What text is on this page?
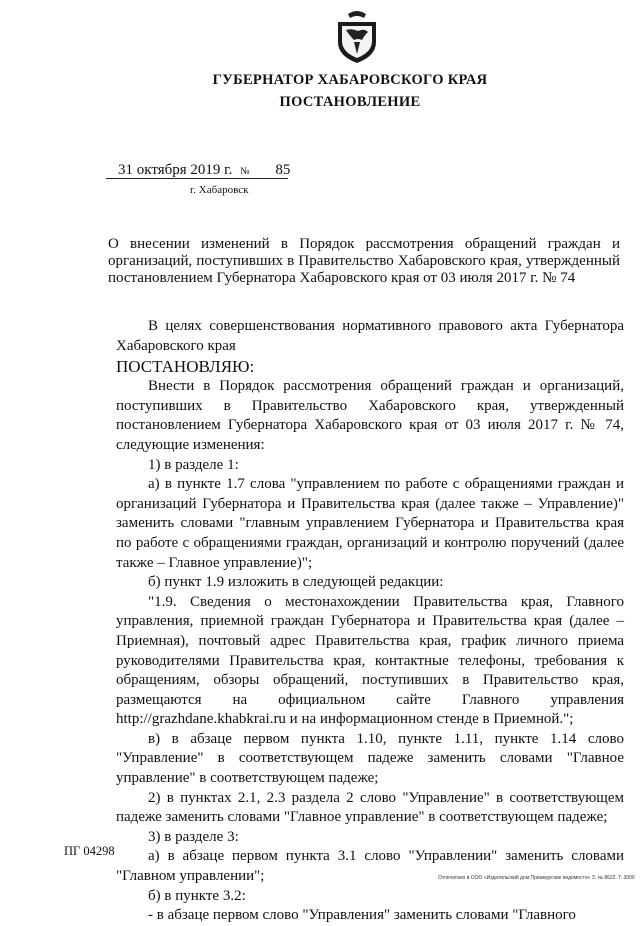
ГУБЕРНАТОР ХАБАРОВСКОГО КРАЯ
ПОСТАНОВЛЕНИЕ
31 октября 2019 г. № 85
г. Хабаровск
О внесении изменений в Порядок рассмотрения обращений граждан и организаций, поступивших в Правительство Хабаровского края, утвержденный постановлением Губернатора Хабаровского края от 03 июля 2017 г. № 74

В целях совершенствования нормативного правового акта Губернатора Хабаровского края

ПОСТАНОВЛЯЮ:

Внести в Порядок рассмотрения обращений граждан и организаций, поступивших в Правительство Хабаровского края, утвержденный постановлением Губернатора Хабаровского края от 03 июля 2017 г. № 74, следующие изменения:

1) в разделе 1:

а) в пункте 1.7 слова "управлением по работе с обращениями граждан и организаций Губернатора и Правительства края (далее также – Управление)" заменить словами "главным управлением Губернатора и Правительства края по работе с обращениями граждан, организаций и контролю поручений (далее также – Главное управление)";

б) пункт 1.9 изложить в следующей редакции:

"1.9. Сведения о местонахождении Правительства края, Главного управления, приемной граждан Губернатора и Правительства края (далее – Приемная), почтовый адрес Правительства края, график личного приема руководителями Правительства края, контактные телефоны, требования к обращениям, обзоры обращений, поступивших в Правительство края, размещаются на официальном сайте Главного управления http://grazhdane.khabkrai.ru и на информационном стенде в Приемной.";

в) в абзаце первом пункта 1.10, пункте 1.11, пункте 1.14 слово "Управление" в соответствующем падеже заменить словами "Главное управление" в соответствующем падеже;

2) в пунктах 2.1, 2.3 раздела 2 слово "Управление" в соответствующем падеже заменить словами "Главное управление" в соответствующем падеже;

3) в разделе 3:

а) в абзаце первом пункта 3.1 слово "Управлении" заменить словами "Главном управлении";

б) в пункте 3.2:

- в абзаце первом слово "Управления" заменить словами "Главного

ПГ 04298
Отпечатано в ООО «Издательский дом Приамурские ведомости» З. № 8622. Т. 3000
